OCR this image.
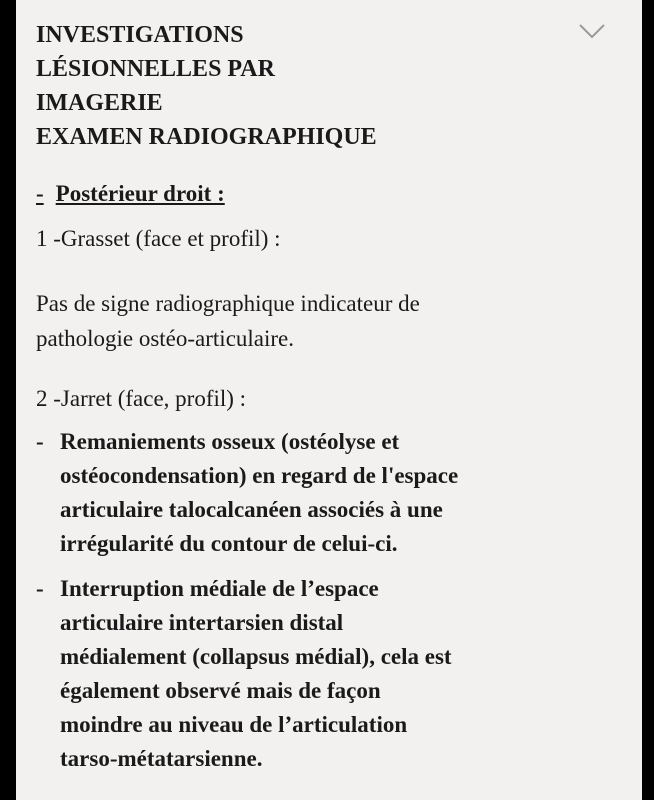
INVESTIGATIONS
LÉSIONNELLES PAR
IMAGERIE
EXAMEN RADIOGRAPHIQUE
- Postérieur droit :
1 -Grasset (face et profil) :
Pas de signe radiographique indicateur de
pathologie ostéo-articulaire.
2 -Jarret (face, profil) :
- Remaniements osseux (ostéolyse et
ostéocondensation) en regard de l'espace
articulaire talocalcanéen associés à une
irrégularité du contour de celui-ci.
- Interruption médiale de l’espace
articulaire intertarsien distal
médialement (collapsus médial), cela est
également observé mais de façon
moindre au niveau de l’articulation
tarso-métatarsienne.
